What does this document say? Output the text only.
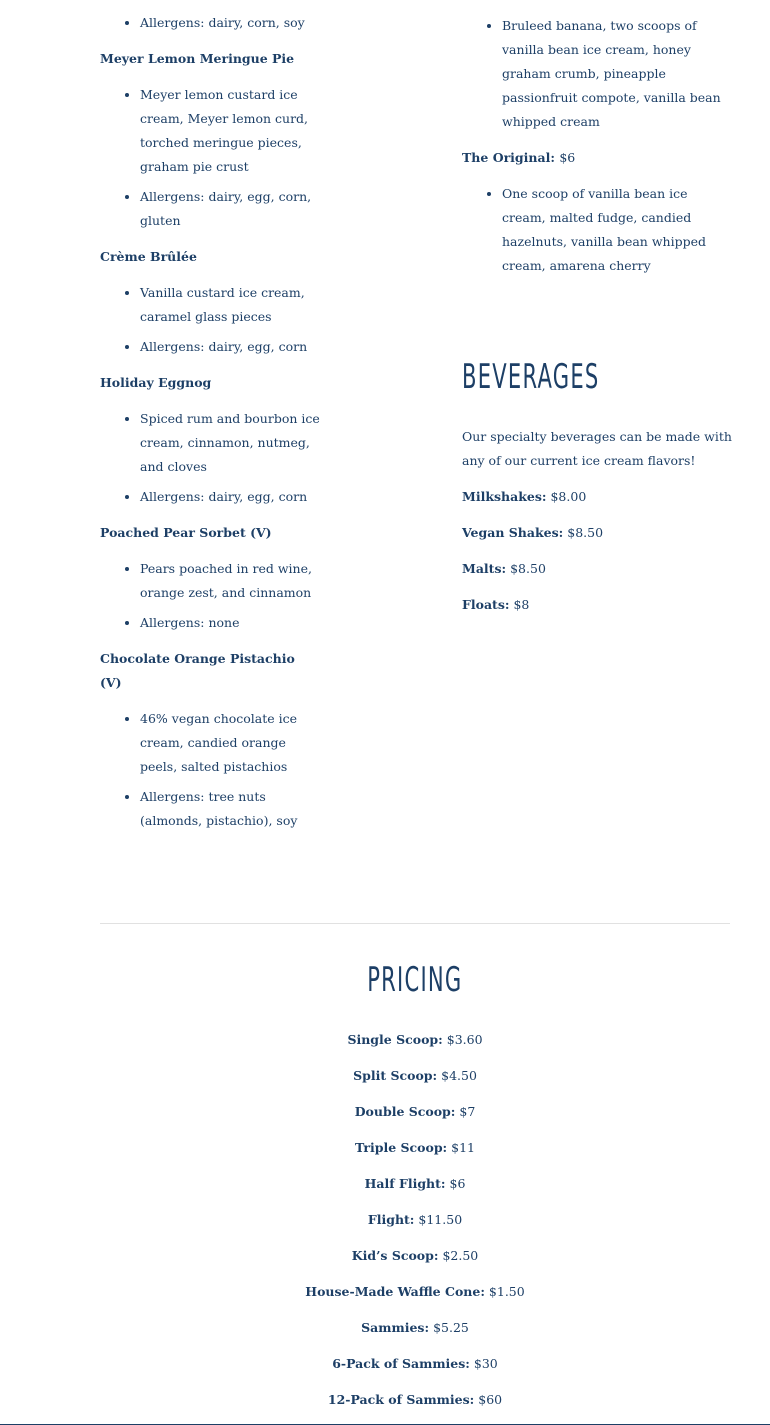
• Allergens: dairy, corn, soy

Meyer Lemon Meringue Pie

• Meyer lemon custard ice cream, Meyer lemon curd, torched meringue pieces, graham pie crust
• Allergens: dairy, egg, corn, gluten

Crème Brûlée

• Vanilla custard ice cream, caramel glass pieces
• Allergens: dairy, egg, corn

Holiday Eggnog

• Spiced rum and bourbon ice cream, cinnamon, nutmeg, and cloves
• Allergens: dairy, egg, corn

Poached Pear Sorbet (V)

• Pears poached in red wine, orange zest, and cinnamon
• Allergens: none

Chocolate Orange Pistachio (V)

• 46% vegan chocolate ice cream, candied orange peels, salted pistachios
• Allergens: tree nuts (almonds, pistachio), soy
• Bruleed banana, two scoops of vanilla bean ice cream, honey graham crumb, pineapple passionfruit compote, vanilla bean whipped cream

The Original: $6

• One scoop of vanilla bean ice cream, malted fudge, candied hazelnuts, vanilla bean whipped cream, amarena cherry
BEVERAGES

Our specialty beverages can be made with any of our current ice cream flavors!

Milkshakes: $8.00

Vegan Shakes: $8.50

Malts: $8.50

Floats: $8

PRICING

Single Scoop: $3.60

Split Scoop: $4.50

Double Scoop: $7

Triple Scoop: $11

Half Flight: $6

Flight: $11.50

Kid’s Scoop: $2.50

House-Made Waffle Cone: $1.50

Sammies: $5.25

6-Pack of Sammies: $30

12-Pack of Sammies: $60
